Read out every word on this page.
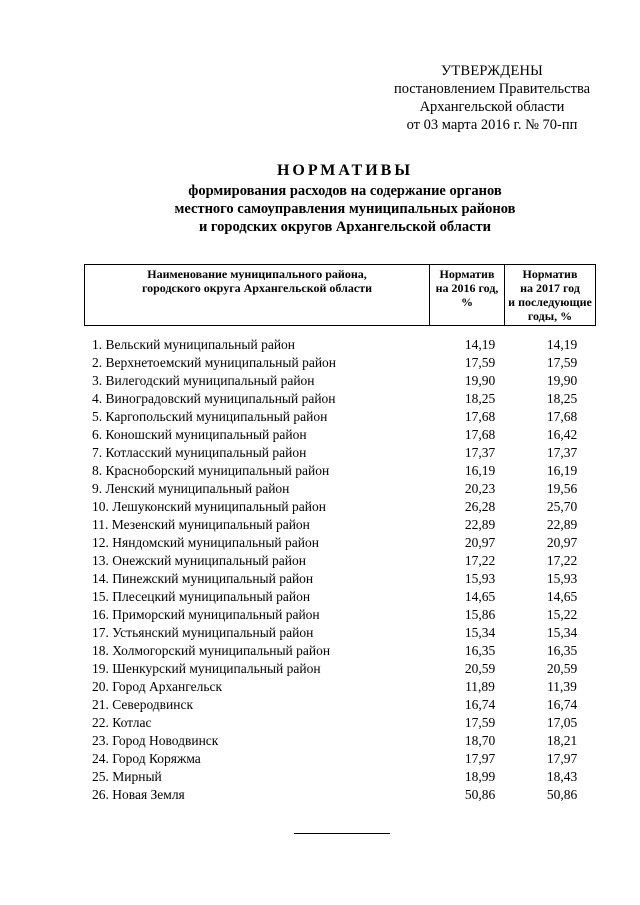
УТВЕРЖДЕНЫ
постановлением Правительства
Архангельской области
от 03 марта 2016 г. № 70-пп
НОРМАТИВЫ
формирования расходов на содержание органов
местного самоуправления муниципальных районов
и городских округов Архангельской области
Наименование муниципального района,
городского округа Архангельской области

Норматив
на 2016 год,
%

Норматив
на 2017 год
и последующие
годы, %
1. Вельский муниципальный район	14,19	14,19
2. Верхнетоемский муниципальный район	17,59	17,59
3. Вилегодский муниципальный район	19,90	19,90
4. Виноградовский муниципальный район	18,25	18,25
5. Каргопольский муниципальный район	17,68	17,68
6. Коношский муниципальный район	17,68	16,42
7. Котласский муниципальный район	17,37	17,37
8. Красноборский муниципальный район	16,19	16,19
9. Ленский муниципальный район	20,23	19,56
10. Лешуконский муниципальный район	26,28	25,70
11. Мезенский муниципальный район	22,89	22,89
12. Няндомский муниципальный район	20,97	20,97
13. Онежский муниципальный район	17,22	17,22
14. Пинежский муниципальный район	15,93	15,93
15. Плесецкий муниципальный район	14,65	14,65
16. Приморский муниципальный район	15,86	15,22
17. Устьянский муниципальный район	15,34	15,34
18. Холмогорский муниципальный район	16,35	16,35
19. Шенкурский муниципальный район	20,59	20,59
20. Город Архангельск	11,89	11,39
21. Северодвинск	16,74	16,74
22. Котлас	17,59	17,05
23. Город Новодвинск	18,70	18,21
24. Город Коряжма	17,97	17,97
25. Мирный	18,99	18,43
26. Новая Земля	50,86	50,86
